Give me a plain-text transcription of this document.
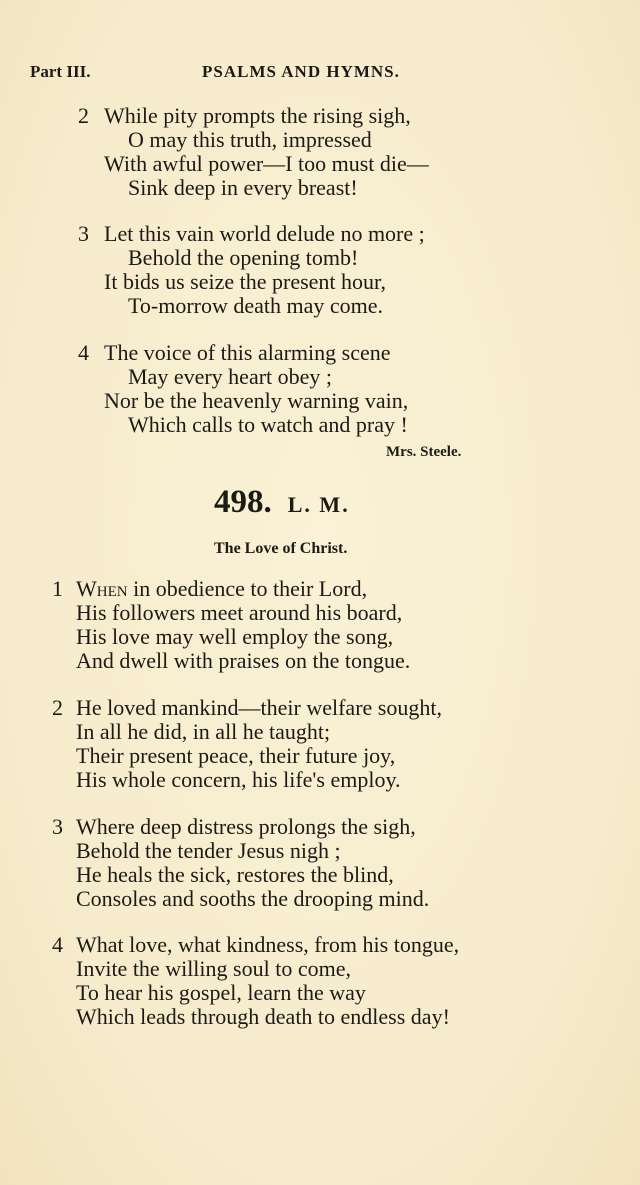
Part III.	PSALMS AND HYMNS.
2 While pity prompts the rising sigh,
O may this truth, impressed
With awful power—I too must die—
Sink deep in every breast!
3 Let this vain world delude no more ;
Behold the opening tomb!
It bids us seize the present hour,
To-morrow death may come.
4 The voice of this alarming scene
May every heart obey ;
Nor be the heavenly warning vain,
Which calls to watch and pray !
Mrs. Steele.
498. L. M.
The Love of Christ.
1 When in obedience to their Lord,
His followers meet around his board,
His love may well employ the song,
And dwell with praises on the tongue.
2 He loved mankind—their welfare sought,
In all he did, in all he taught;
Their present peace, their future joy,
His whole concern, his life's employ.
3 Where deep distress prolongs the sigh,
Behold the tender Jesus nigh ;
He heals the sick, restores the blind,
Consoles and sooths the drooping mind.
4 What love, what kindness, from his tongue,
Invite the willing soul to come,
To hear his gospel, learn the way
Which leads through death to endless day!
